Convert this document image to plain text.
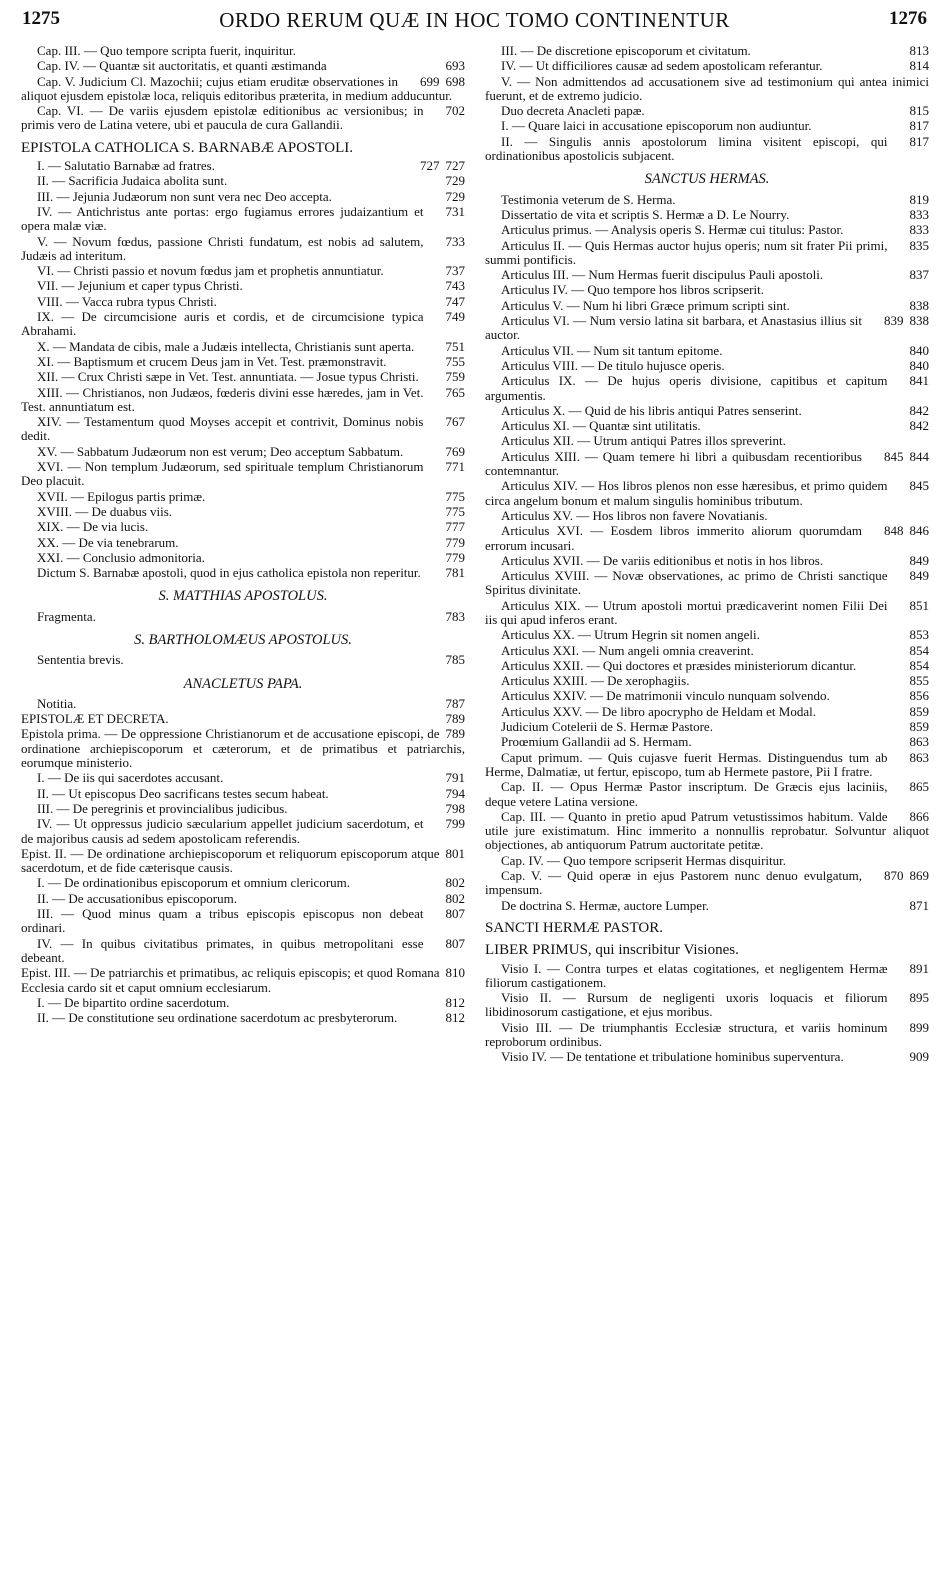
1275	ORDO RERUM QUÆ IN HOC TOMO CONTINENTUR	1276

Cap. III. — Quo tempore scripta fuerit, inquiritur.

693

Cap. IV. — Quantæ sit auctoritatis, et quanti æstimanda

698

699
Cap. V. Judicium Cl. Mazochii; cujus etiam eruditæ observationes in aliquot ejusdem epistolæ loca, reliquis editoribus præterita, in medium adducuntur.

702
Cap. VI. — De variis ejusdem epistolæ editionibus ac versionibus; in primis vero de Latina vetere, ubi et paucula de cura Gallandii.

EPISTOLA CATHOLICA S. BARNABÆ APOSTOLI.

727

727
I. — Salutatio Barnabæ ad fratres.

729
II. — Sacrificia Judaica abolita sunt.

729
III. — Jejunia Judæorum non sunt vera nec Deo accepta.

731
IV. — Antichristus ante portas: ergo fugiamus errores judaizantium et opera malæ viæ.

733
V. — Novum fœdus, passione Christi fundatum, est nobis ad salutem, Judæis ad interitum.

737
VI. — Christi passio et novum fœdus jam et prophetis annuntiatur.

743
VII. — Jejunium et caper typus Christi.

747
VIII. — Vacca rubra typus Christi.

749
IX. — De circumcisione auris et cordis, et de circumcisione typica Abrahami.

751
X. — Mandata de cibis, male a Judæis intellecta, Christianis sunt aperta.

755
XI. — Baptismum et crucem Deus jam in Vet. Test. præmonstravit.

759
XII. — Crux Christi sæpe in Vet. Test. annuntiata. — Josue typus Christi.

765
XIII. — Christianos, non Judæos, fœderis divini esse hæredes, jam in Vet. Test. annuntiatum est.

767
XIV. — Testamentum quod Moyses accepit et contrivit, Dominus nobis dedit.

769
XV. — Sabbatum Judæorum non est verum; Deo acceptum Sabbatum.

771
XVI. — Non templum Judæorum, sed spirituale templum Christianorum Deo placuit.

775
XVII. — Epilogus partis primæ.

775
XVIII. — De duabus viis.

777
XIX. — De via lucis.

779
XX. — De via tenebrarum.

779
XXI. — Conclusio admonitoria.

781
Dictum S. Barnabæ apostoli, quod in ejus catholica epistola non reperitur.

S. MATTHIAS APOSTOLUS.

783
Fragmenta.

S. BARTHOLOMÆUS APOSTOLUS.

785
Sententia brevis.

ANACLETUS PAPA.

787
Notitia.

789
EPISTOLÆ ET DECRETA.

789
Epistola prima. — De oppressione Christianorum et de accusatione episcopi, de ordinatione archiepiscoporum et cæterorum, et de primatibus et patriarchis, eorumque ministerio.

791
I. — De iis qui sacerdotes accusant.

794
II. — Ut episcopus Deo sacrificans testes secum habeat.

798
III. — De peregrinis et provincialibus judicibus.

799
IV. — Ut oppressus judicio sæcularium appellet judicium sacerdotum, et de majoribus causis ad sedem apostolicam referendis.

801
Epist. II. — De ordinatione archiepiscoporum et reliquorum episcoporum atque sacerdotum, et de fide cæterisque causis.

802
I. — De ordinationibus episcoporum et omnium clericorum.

802
II. — De accusationibus episcoporum.

807
III. — Quod minus quam a tribus episcopis episcopus non debeat ordinari.

807
IV. — In quibus civitatibus primates, in quibus metropolitani esse debeant.

810
Epist. III. — De patriarchis et primatibus, ac reliquis episcopis; et quod Romana Ecclesia cardo sit et caput omnium ecclesiarum.

812
I. — De bipartito ordine sacerdotum.

812
II. — De constitutione seu ordinatione sacerdotum ac presbyterorum.

813
III. — De discretione episcoporum et civitatum.

814
IV. — Ut difficiliores causæ ad sedem apostolicam referantur.

V. — Non admittendos ad accusationem sive ad testimonium qui antea inimici fuerunt, et de extremo judicio.

815

Duo decreta Anacleti papæ.

817
I. — Quare laici in accusatione episcoporum non audiuntur.

817
II. — Singulis annis apostolorum limina visitent episcopi, qui ordinationibus apostolicis subjacent.

SANCTUS HERMAS.

819
Testimonia veterum de S. Herma.

833
Dissertatio de vita et scriptis S. Hermæ a D. Le Nourry.

833
Articulus primus. — Analysis operis S. Hermæ cui titulus: Pastor.

835
Articulus II. — Quis Hermas auctor hujus operis; num sit frater Pii primi, summi pontificis.

837
Articulus III. — Num Hermas fuerit discipulus Pauli apostoli.

Articulus IV. — Quo tempore hos libros scripserit.

838

Articulus V. — Num hi libri Græce primum scripti sint.

838

839
Articulus VI. — Num versio latina sit barbara, et Anastasius illius sit auctor.

840
Articulus VII. — Num sit tantum epitome.

840
Articulus VIII. — De titulo hujusce operis.

841
Articulus IX. — De hujus operis divisione, capitibus et capitum argumentis.

842
Articulus X. — Quid de his libris antiqui Patres senserint.

842
Articulus XI. — Quantæ sint utilitatis.

Articulus XII. — Utrum antiqui Patres illos spreverint.

844

845
Articulus XIII. — Quam temere hi libri a quibusdam recentioribus contemnantur.

845
Articulus XIV. — Hos libros plenos non esse hæresibus, et primo quidem circa angelum bonum et malum singulis hominibus tributum.

Articulus XV. — Hos libros non favere Novatianis.

846

848
Articulus XVI. — Eosdem libros immerito aliorum quorumdam errorum incusari.

849
Articulus XVII. — De variis editionibus et notis in hos libros.

849
Articulus XVIII. — Novæ observationes, ac primo de Christi sanctique Spiritus divinitate.

851
Articulus XIX. — Utrum apostoli mortui prædicaverint nomen Filii Dei iis qui apud inferos erant.

853
Articulus XX. — Utrum Hegrin sit nomen angeli.

854
Articulus XXI. — Num angeli omnia creaverint.

854
Articulus XXII. — Qui doctores et præsides ministeriorum dicantur.

855
Articulus XXIII. — De xerophagiis.

856
Articulus XXIV. — De matrimonii vinculo nunquam solvendo.

859
Articulus XXV. — De libro apocrypho de Heldam et Modal.

859
Judicium Cotelerii de S. Hermæ Pastore.

863
Proœmium Gallandii ad S. Hermam.

863
Caput primum. — Quis cujasve fuerit Hermas. Distinguendus tum ab Herme, Dalmatiæ, ut fertur, episcopo, tum ab Hermete pastore, Pii I fratre.

865
Cap. II. — Opus Hermæ Pastor inscriptum. De Græcis ejus laciniis, deque vetere Latina versione.

866
Cap. III. — Quanto in pretio apud Patrum vetustissimos habitum. Valde utile jure existimatum. Hinc immerito a nonnullis reprobatur. Solvuntur aliquot objectiones, ab antiquorum Patrum auctoritate petitæ.

Cap. IV. — Quo tempore scripserit Hermas disquiritur.

869

870
Cap. V. — Quid operæ in ejus Pastorem nunc denuo evulgatum, impensum.

871
De doctrina S. Hermæ, auctore Lumper.

SANCTI HERMÆ PASTOR.

LIBER PRIMUS, qui inscribitur Visiones.

891
Visio I. — Contra turpes et elatas cogitationes, et negligentem Hermæ filiorum castigationem.

895
Visio II. — Rursum de negligenti uxoris loquacis et filiorum libidinosorum castigatione, et ejus moribus.

899
Visio III. — De triumphantis Ecclesiæ structura, et variis hominum reproborum ordinibus.

909
Visio IV. — De tentatione et tribulatione hominibus superventura.
